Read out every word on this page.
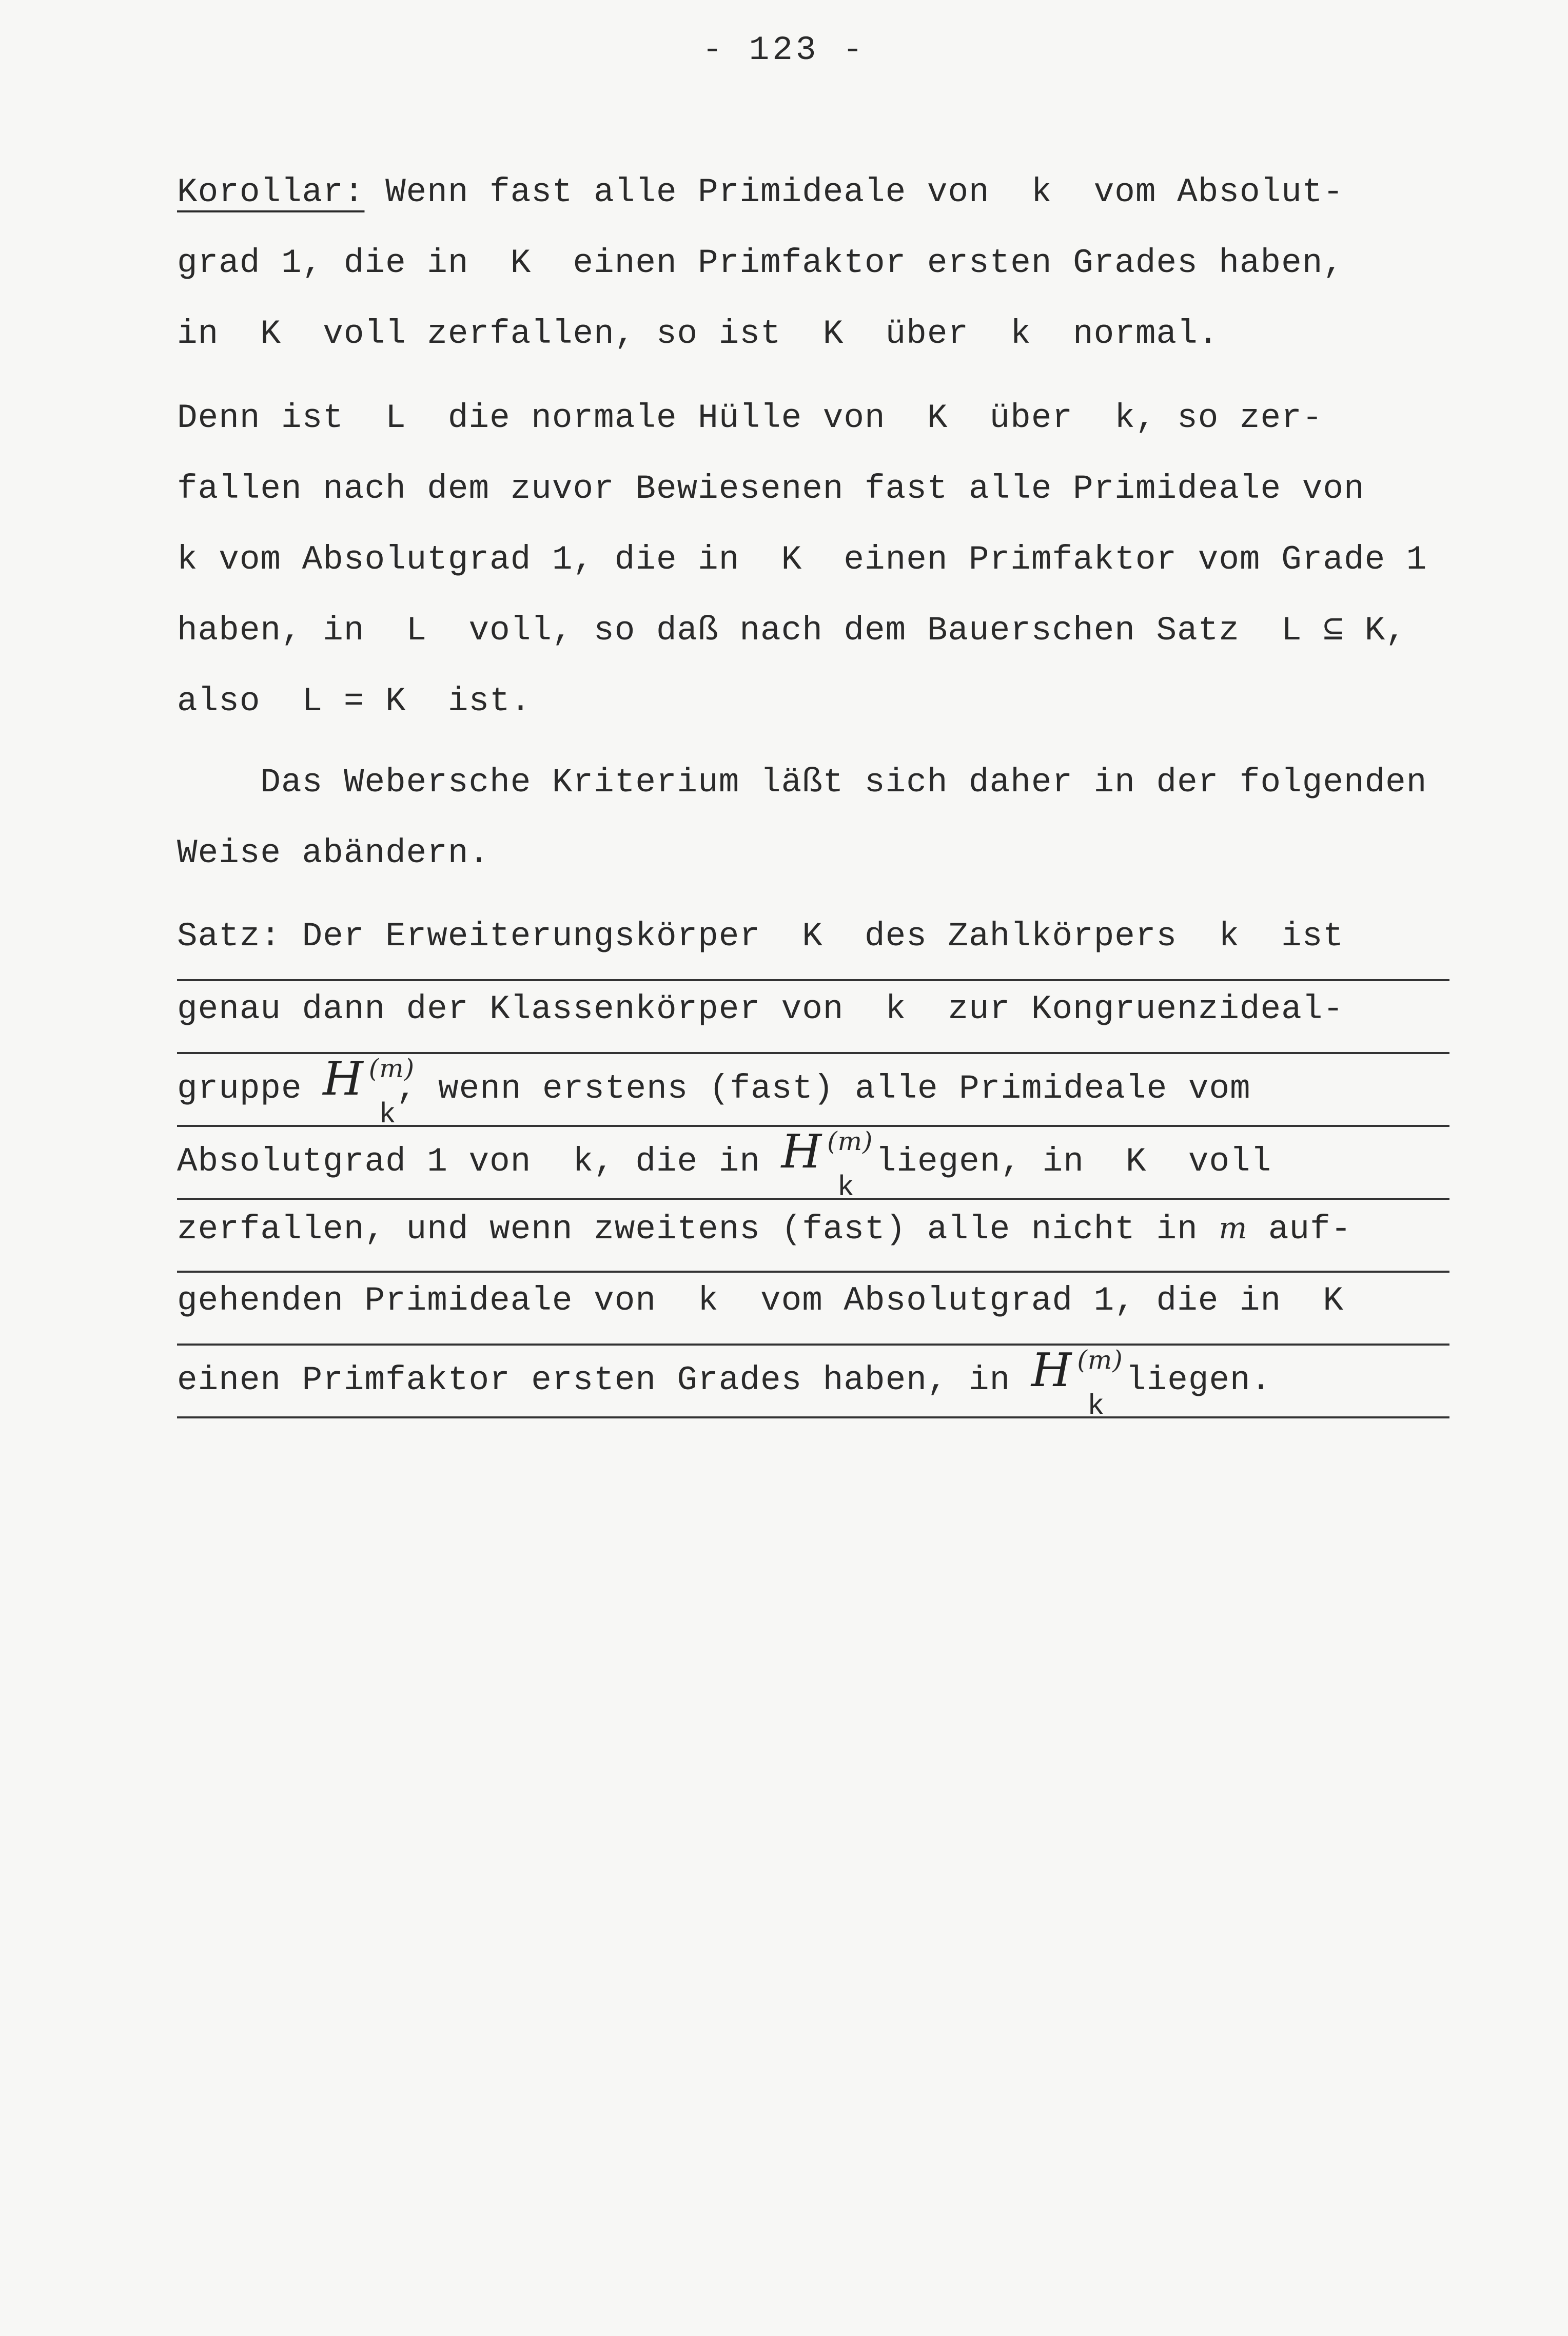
- 123 -
Korollar: Wenn fast alle Primideale von  k  vom Absolut-
grad 1, die in  K  einen Primfaktor ersten Grades haben,
in  K  voll zerfallen, so ist  K  über  k  normal.
Denn ist  L  die normale Hülle von  K  über  k, so zer-
fallen nach dem zuvor Bewiesenen fast alle Primideale von
k vom Absolutgrad 1, die in  K  einen Primfaktor vom Grade 1
haben, in  L  voll, so daß nach dem Bauerschen Satz  L ⊆ K,
also  L = K  ist.
Das Webersche Kriterium läßt sich daher in der folgenden
Weise abändern.
Satz: Der Erweiterungskörper  K  des Zahlkörpers  k  ist
genau dann der Klassenkörper von  k  zur Kongruenzideal-
gruppe H $^{(m)}_k$, wenn erstens (fast) alle Primideale vom
Absolutgrad 1 von  k, die in H $^{(m)}_k$ liegen, in  K  voll
zerfallen, und wenn zweitens (fast) alle nicht in m auf-
gehenden Primideale von  k  vom Absolutgrad 1, die in  K
einen Primfaktor ersten Grades haben, in H $^{(m)}_k$ liegen.
